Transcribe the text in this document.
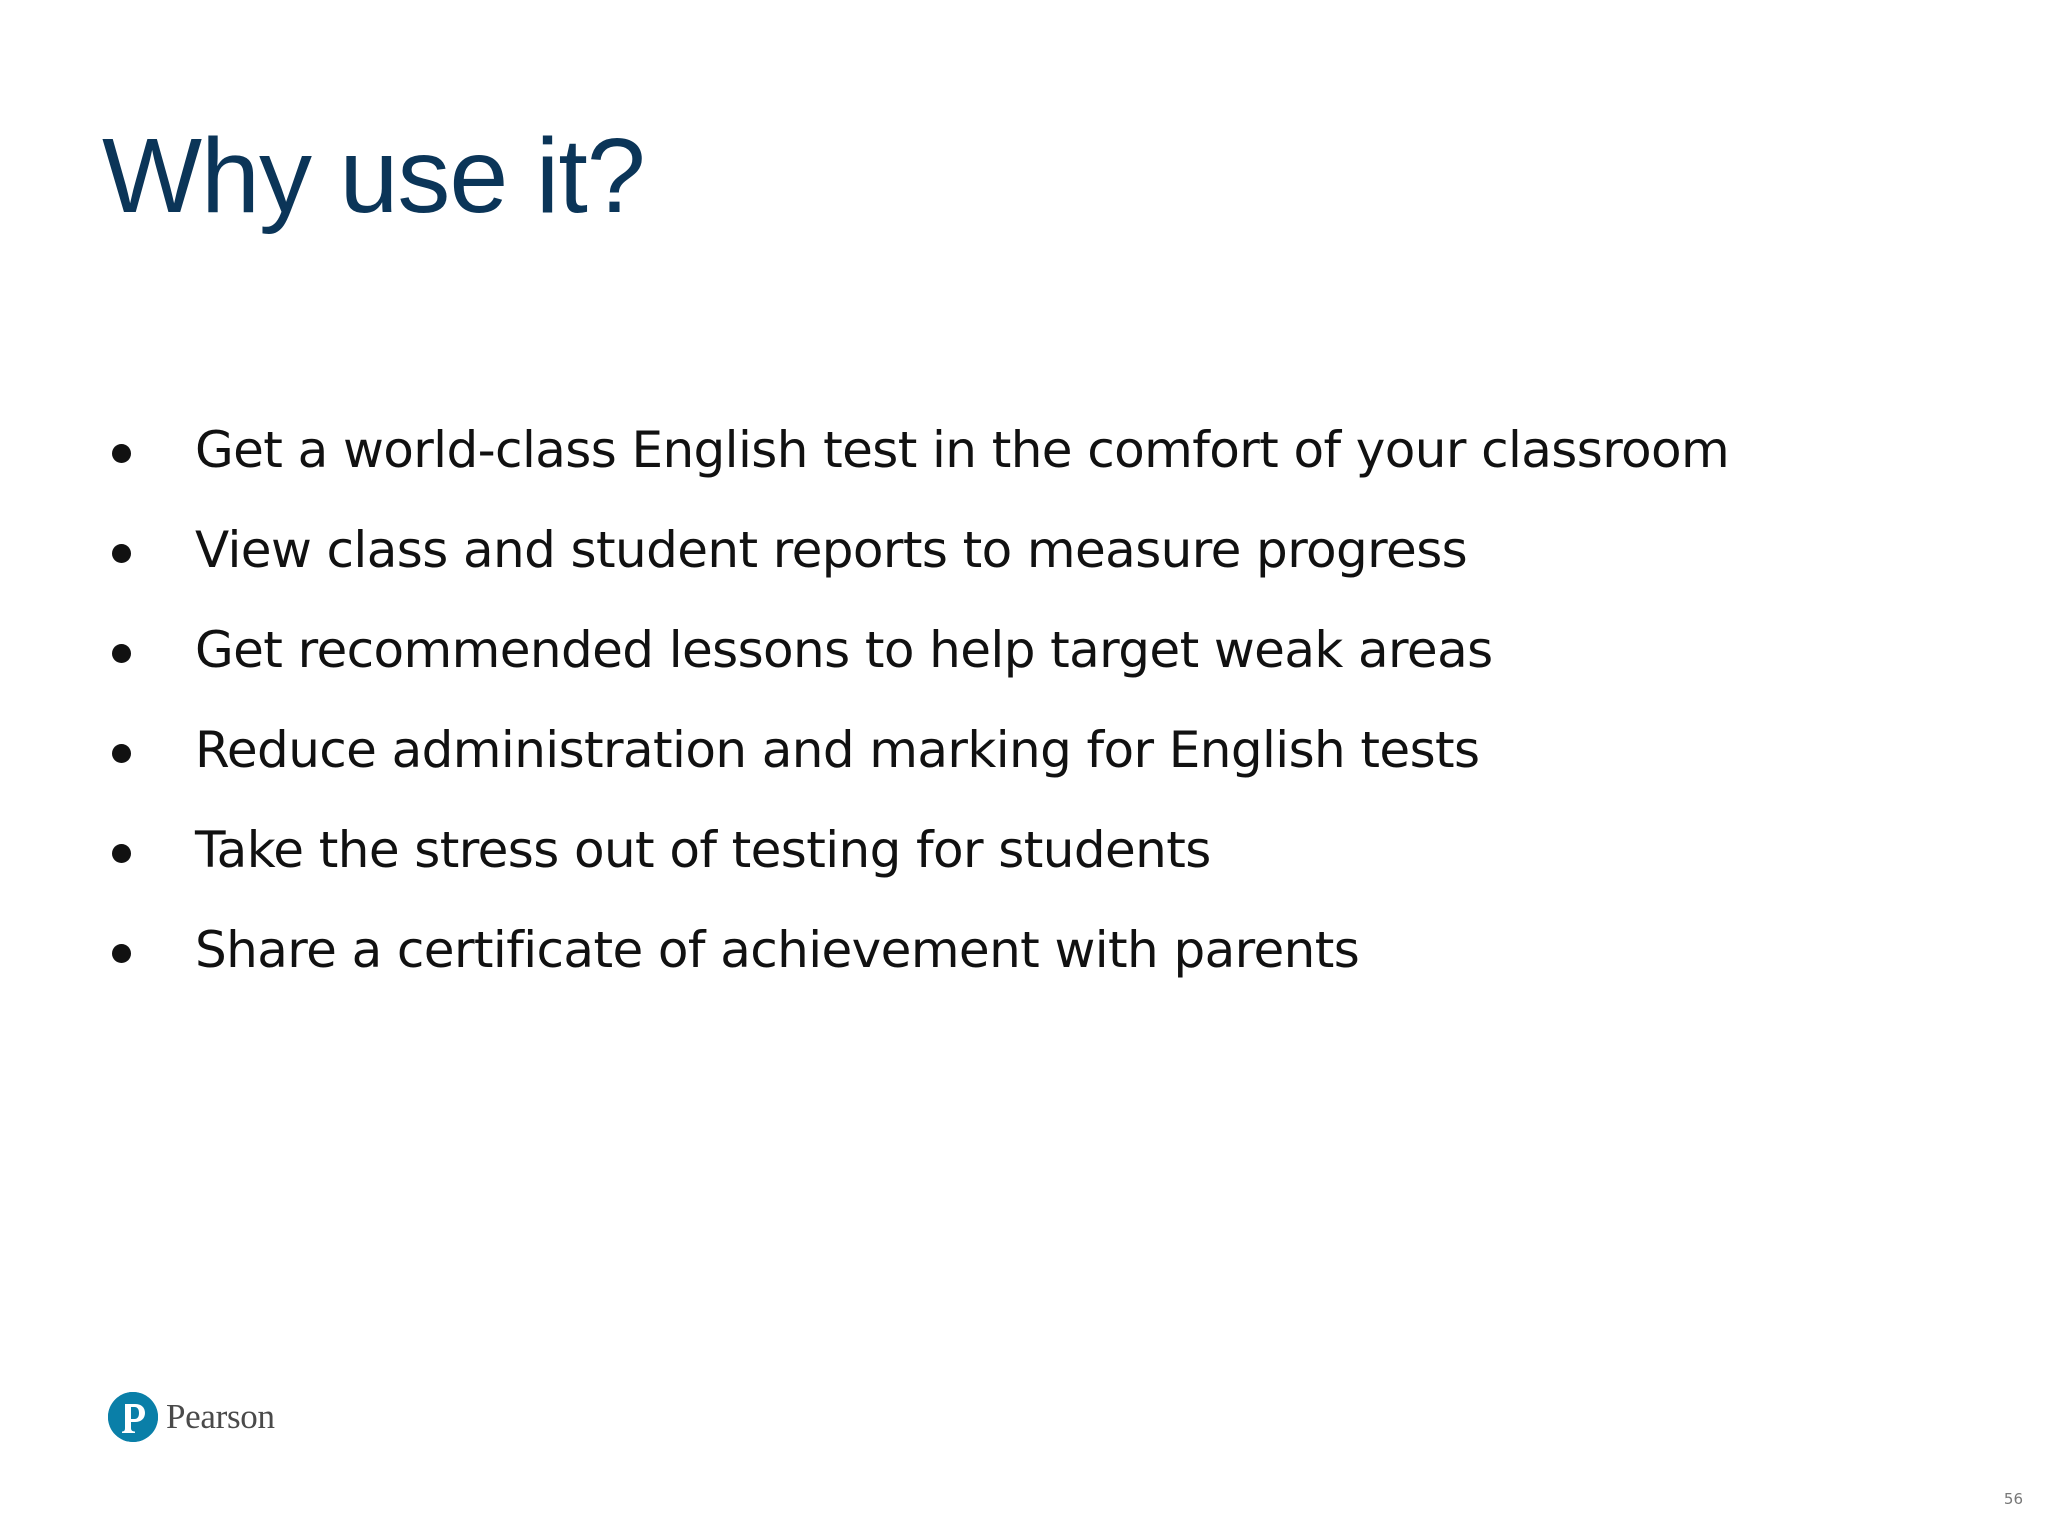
Why use it?
Get a world-class English test in the comfort of your classroom
View class and student reports to measure progress
Get recommended lessons to help target weak areas
Reduce administration and marking for English tests
Take the stress out of testing for students
Share a certificate of achievement with parents
Pearson
56
